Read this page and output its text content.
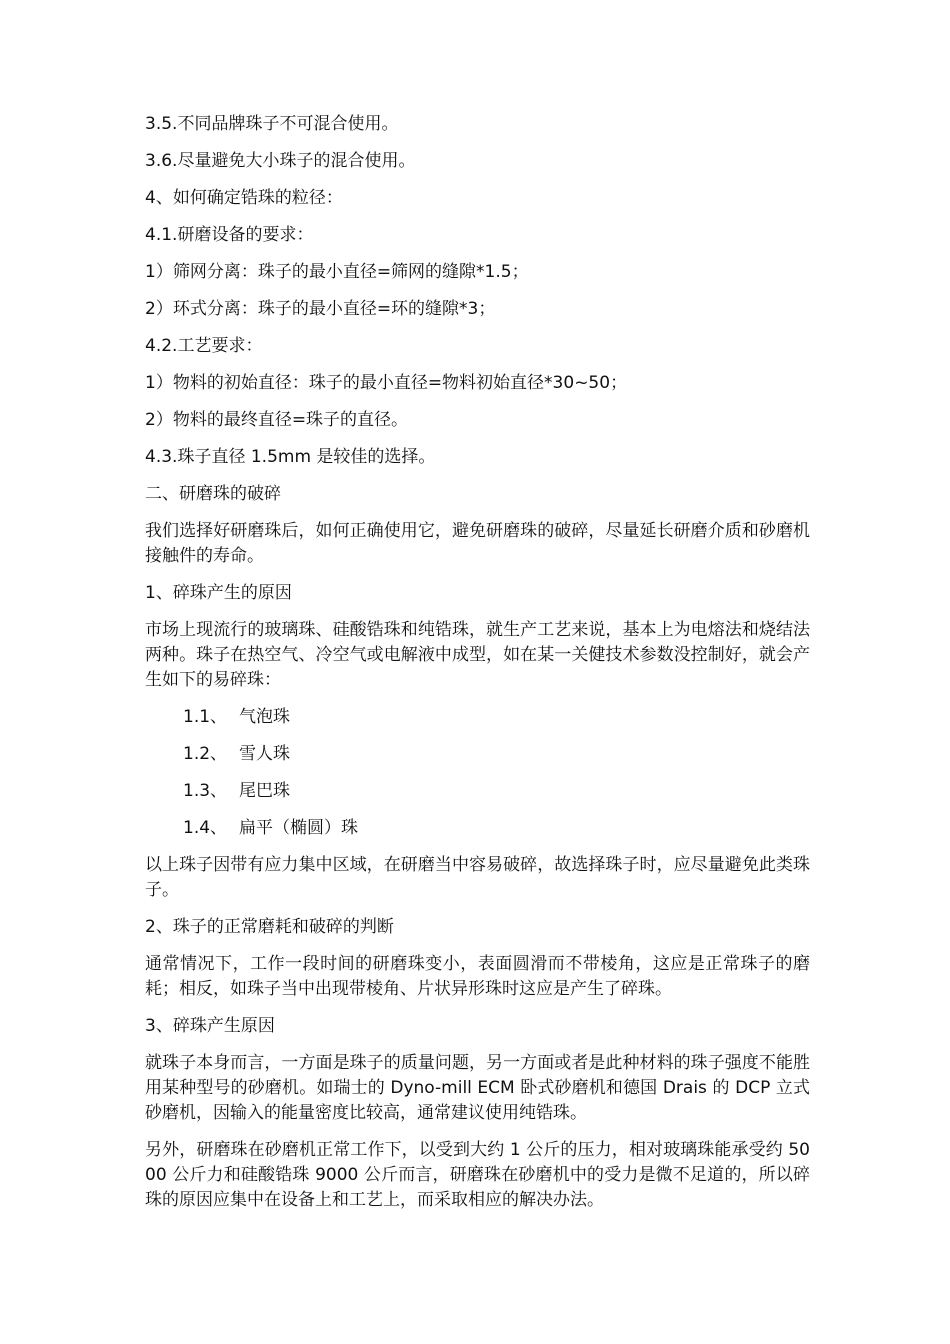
3.5.不同品牌珠子不可混合使用。

3.6.尽量避免大小珠子的混合使用。

4、如何确定锆珠的粒径：

4.1.研磨设备的要求：

1）筛网分离：珠子的最小直径=筛网的缝隙*1.5；

2）环式分离：珠子的最小直径=环的缝隙*3；

4.2.工艺要求：

1）物料的初始直径：珠子的最小直径=物料初始直径*30~50；

2）物料的最终直径=珠子的直径。

4.3.珠子直径 1.5mm 是较佳的选择。

二、研磨珠的破碎

我们选择好研磨珠后，如何正确使用它，避免研磨珠的破碎，尽量延长研磨介质和砂磨机接触件的寿命。

1、碎珠产生的原因

市场上现流行的玻璃珠、硅酸锆珠和纯锆珠，就生产工艺来说，基本上为电熔法和烧结法两种。珠子在热空气、冷空气或电解液中成型，如在某一关健技术参数没控制好，就会产生如下的易碎珠：

1.1、 气泡珠
1.2、 雪人珠
1.3、 尾巴珠
1.4、 扁平（椭圆）珠

以上珠子因带有应力集中区域，在研磨当中容易破碎，故选择珠子时，应尽量避免此类珠子。

2、珠子的正常磨耗和破碎的判断

通常情况下，工作一段时间的研磨珠变小，表面圆滑而不带棱角，这应是正常珠子的磨耗；相反，如珠子当中出现带棱角、片状异形珠时这应是产生了碎珠。

3、碎珠产生原因

就珠子本身而言，一方面是珠子的质量问题，另一方面或者是此种材料的珠子强度不能胜用某种型号的砂磨机。如瑞士的 Dyno-mill ECM 卧式砂磨机和德国 Drais 的 DCP 立式砂磨机，因输入的能量密度比较高，通常建议使用纯锆珠。

另外，研磨珠在砂磨机正常工作下，以受到大约 1 公斤的压力，相对玻璃珠能承受约 5000 公斤力和硅酸锆珠 9000 公斤而言，研磨珠在砂磨机中的受力是微不足道的，所以碎珠的原因应集中在设备上和工艺上，而采取相应的解决办法。
